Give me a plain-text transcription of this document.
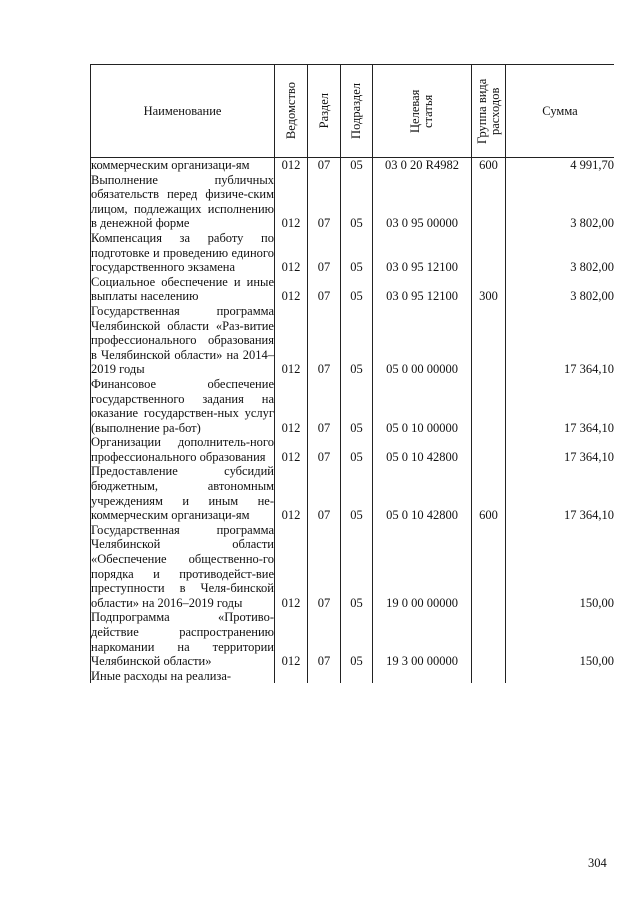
Наименование	Ведомство	Раздел	Подраздел	Целевая статья	Группа вида расходов	Сумма
коммерческим организаци-ям	012	07	05	03 0 20 R4982	600	4 991,70
Выполнение публичных обязательств перед физиче-ским лицом, подлежащих исполнению в денежной форме	012	07	05	03 0 95 00000		3 802,00
Компенсация за работу по подготовке и проведению единого государственного экзамена	012	07	05	03 0 95 12100		3 802,00
Социальное обеспечение и иные выплаты населению	012	07	05	03 0 95 12100	300	3 802,00
Государственная программа Челябинской области «Раз-витие профессионального образования в Челябинской области» на 2014–2019 годы	012	07	05	05 0 00 00000		17 364,10
Финансовое обеспечение государственного задания на оказание государствен-ных услуг (выполнение ра-бот)	012	07	05	05 0 10 00000		17 364,10
Организации дополнитель-ного профессионального образования	012	07	05	05 0 10 42800		17 364,10
Предоставление субсидий бюджетным, автономным учреждениям и иным не-коммерческим организаци-ям	012	07	05	05 0 10 42800	600	17 364,10
Государственная программа Челябинской области «Обеспечение общественно-го порядка и противодейст-вие преступности в Челя-бинской области» на 2016–2019 годы	012	07	05	19 0 00 00000		150,00
Подпрограмма «Противо-действие распространению наркомании на территории Челябинской области»	012	07	05	19 3 00 00000		150,00
Иные расходы на реализа-						
304
